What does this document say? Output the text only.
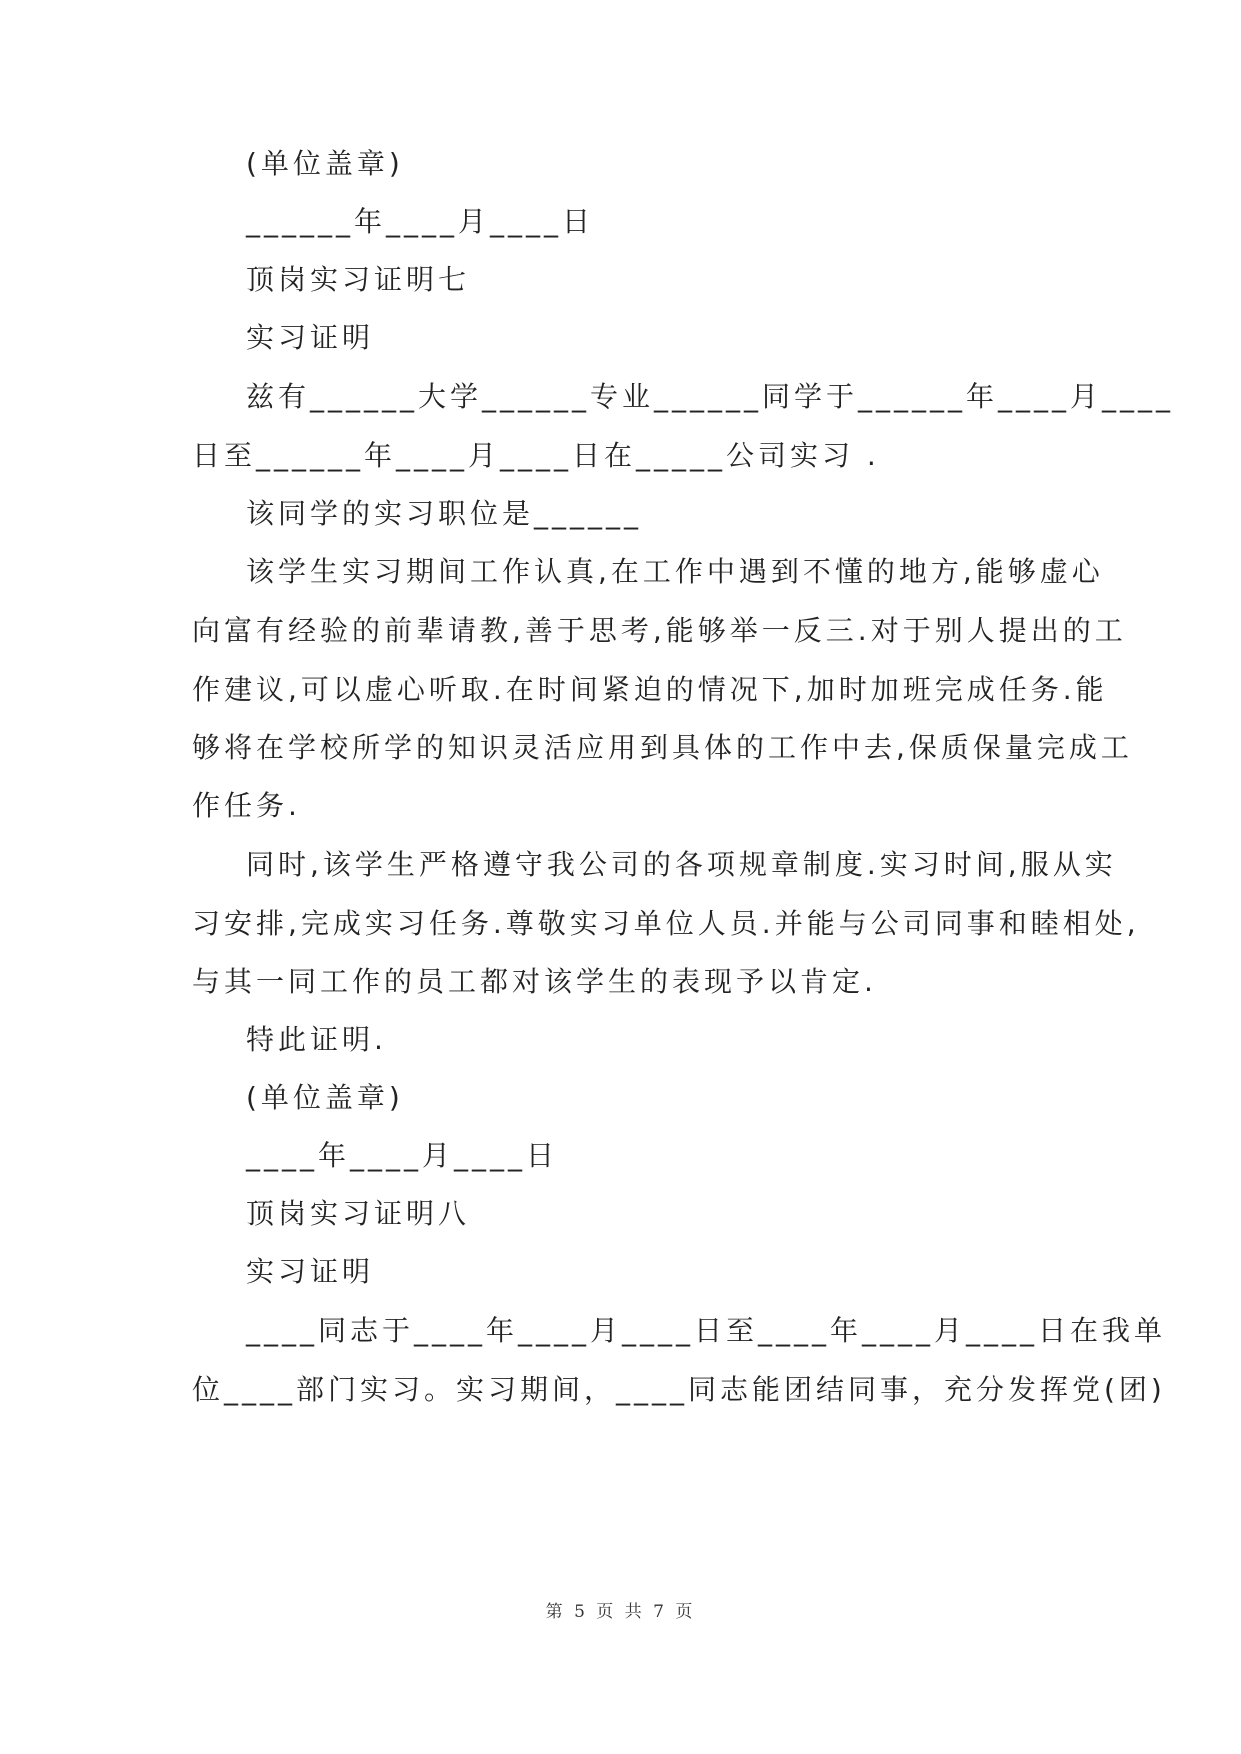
(单位盖章)
______年____月____日
顶岗实习证明七
实习证明
兹有______大学______专业______同学于______年____月____
日至______年____月____日在_____公司实习 .
该同学的实习职位是______
该学生实习期间工作认真,在工作中遇到不懂的地方,能够虚心
向富有经验的前辈请教,善于思考,能够举一反三.对于别人提出的工
作建议,可以虚心听取.在时间紧迫的情况下,加时加班完成任务.能
够将在学校所学的知识灵活应用到具体的工作中去,保质保量完成工
作任务.
同时,该学生严格遵守我公司的各项规章制度.实习时间,服从实
习安排,完成实习任务.尊敬实习单位人员.并能与公司同事和睦相处,
与其一同工作的员工都对该学生的表现予以肯定.
特此证明.
(单位盖章)
____年____月____日
顶岗实习证明八
实习证明
____同志于____年____月____日至____年____月____日在我单
位____部门实习。实习期间，____同志能团结同事，充分发挥党(团)
第 5 页 共 7 页
